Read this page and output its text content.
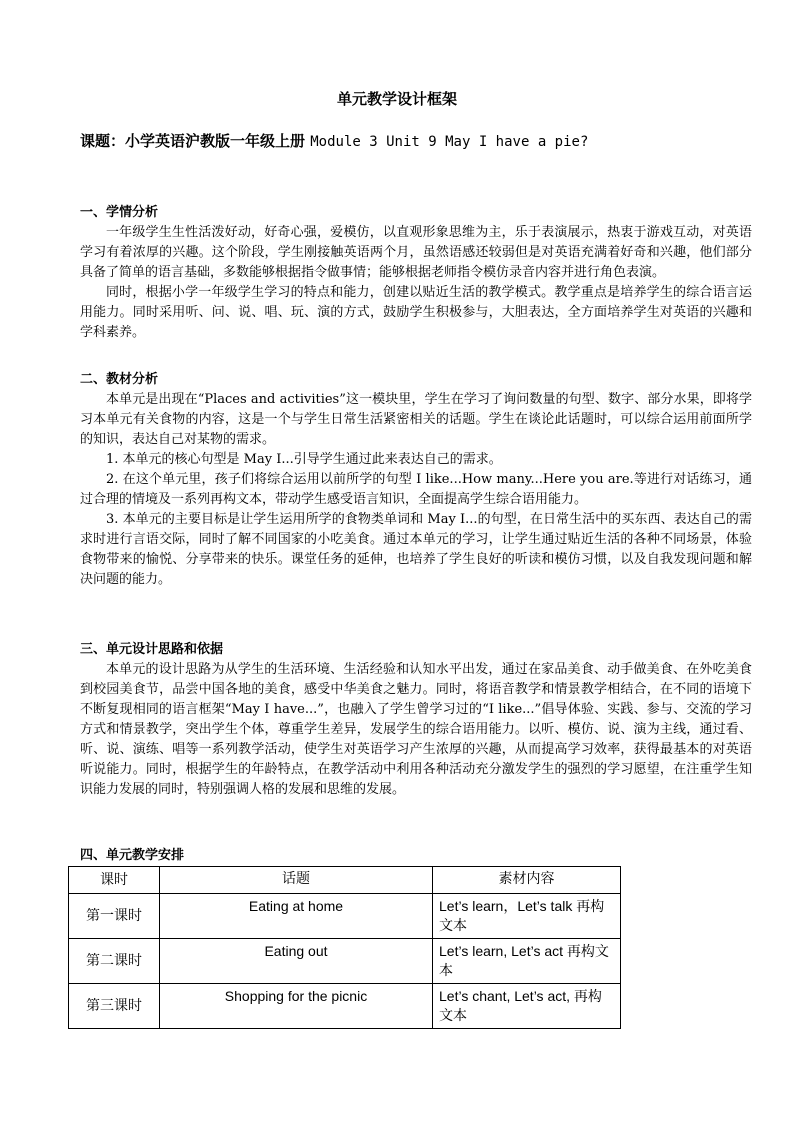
单元教学设计框架
课题：小学英语沪教版一年级上册 Module 3 Unit 9 May I have a pie?
一、学情分析
一年级学生生性活泼好动，好奇心强，爱模仿，以直观形象思维为主，乐于表演展示，热衷于游戏互动，对英语学习有着浓厚的兴趣。这个阶段，学生刚接触英语两个月，虽然语感还较弱但是对英语充满着好奇和兴趣，他们部分具备了简单的语言基础，多数能够根据指令做事情；能够根据老师指令模仿录音内容并进行角色表演。
同时，根据小学一年级学生学习的特点和能力，创建以贴近生活的教学模式。教学重点是培养学生的综合语言运用能力。同时采用听、问、说、唱、玩、演的方式，鼓励学生积极参与，大胆表达，全方面培养学生对英语的兴趣和学科素养。
二、教材分析
本单元是出现在“Places and activities”这一模块里，学生在学习了询问数量的句型、数字、部分水果，即将学习本单元有关食物的内容，这是一个与学生日常生活紧密相关的话题。学生在谈论此话题时，可以综合运用前面所学的知识，表达自己对某物的需求。
1. 本单元的核心句型是 May I...引导学生通过此来表达自己的需求。
2. 在这个单元里，孩子们将综合运用以前所学的句型 I like...How many...Here you are.等进行对话练习，通过合理的情境及一系列再构文本，带动学生感受语言知识，全面提高学生综合语用能力。
3. 本单元的主要目标是让学生运用所学的食物类单词和 May I...的句型，在日常生活中的买东西、表达自己的需求时进行言语交际，同时了解不同国家的小吃美食。通过本单元的学习，让学生通过贴近生活的各种不同场景，体验食物带来的愉悦、分享带来的快乐。课堂任务的延伸，也培养了学生良好的听读和模仿习惯，以及自我发现问题和解决问题的能力。
三、单元设计思路和依据
本单元的设计思路为从学生的生活环境、生活经验和认知水平出发，通过在家品美食、动手做美食、在外吃美食到校园美食节，品尝中国各地的美食，感受中华美食之魅力。同时，将语音教学和情景教学相结合，在不同的语境下不断复现相同的语言框架“May I have...”，也融入了学生曾学习过的“I like...”倡导体验、实践、参与、交流的学习方式和情景教学，突出学生个体，尊重学生差异，发展学生的综合语用能力。以听、模仿、说、演为主线，通过看、听、说、演练、唱等一系列教学活动，使学生对英语学习产生浓厚的兴趣，从而提高学习效率，获得最基本的对英语听说能力。同时，根据学生的年龄特点，在教学活动中利用各种活动充分激发学生的强烈的学习愿望，在注重学生知识能力发展的同时，特别强调人格的发展和思维的发展。
四、单元教学安排
课时	话题	素材内容
第一课时	Eating at home	Let’s learn，Let’s talk 再构文本
第二课时	Eating out	Let’s learn, Let’s act 再构文本
第三课时	Shopping for the picnic	Let’s chant, Let’s act, 再构文本
